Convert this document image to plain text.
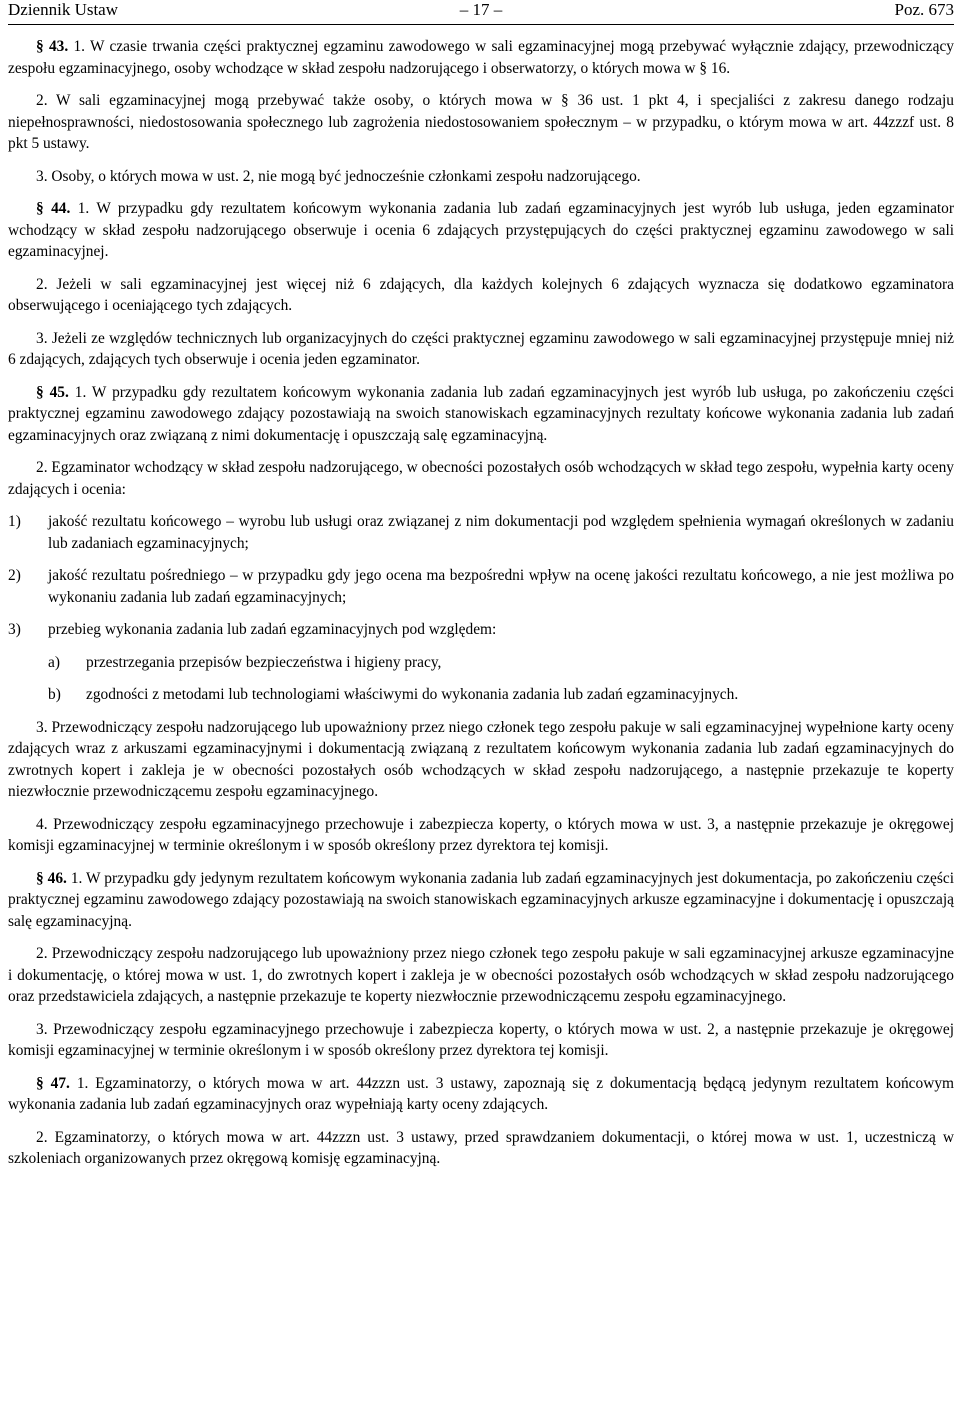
Dziennik Ustaw	– 17 –	Poz. 673

§ 43. 1. W czasie trwania części praktycznej egzaminu zawodowego w sali egzaminacyjnej mogą przebywać wyłącznie zdający, przewodniczący zespołu egzaminacyjnego, osoby wchodzące w skład zespołu nadzorującego i obserwatorzy, o których mowa w § 16.

2. W sali egzaminacyjnej mogą przebywać także osoby, o których mowa w § 36 ust. 1 pkt 4, i specjaliści z zakresu danego rodzaju niepełnosprawności, niedostosowania społecznego lub zagrożenia niedostosowaniem społecznym – w przypadku, o którym mowa w art. 44zzzf ust. 8 pkt 5 ustawy.

3. Osoby, o których mowa w ust. 2, nie mogą być jednocześnie członkami zespołu nadzorującego.

§ 44. 1. W przypadku gdy rezultatem końcowym wykonania zadania lub zadań egzaminacyjnych jest wyrób lub usługa, jeden egzaminator wchodzący w skład zespołu nadzorującego obserwuje i ocenia 6 zdających przystępujących do części praktycznej egzaminu zawodowego w sali egzaminacyjnej.

2. Jeżeli w sali egzaminacyjnej jest więcej niż 6 zdających, dla każdych kolejnych 6 zdających wyznacza się dodatkowo egzaminatora obserwującego i oceniającego tych zdających.

3. Jeżeli ze względów technicznych lub organizacyjnych do części praktycznej egzaminu zawodowego w sali egzaminacyjnej przystępuje mniej niż 6 zdających, zdających tych obserwuje i ocenia jeden egzaminator.

§ 45. 1. W przypadku gdy rezultatem końcowym wykonania zadania lub zadań egzaminacyjnych jest wyrób lub usługa, po zakończeniu części praktycznej egzaminu zawodowego zdający pozostawiają na swoich stanowiskach egzaminacyjnych rezultaty końcowe wykonania zadania lub zadań egzaminacyjnych oraz związaną z nimi dokumentację i opuszczają salę egzaminacyjną.

2. Egzaminator wchodzący w skład zespołu nadzorującego, w obecności pozostałych osób wchodzących w skład tego zespołu, wypełnia karty oceny zdających i ocenia:

1) jakość rezultatu końcowego – wyrobu lub usługi oraz związanej z nim dokumentacji pod względem spełnienia wymagań określonych w zadaniu lub zadaniach egzaminacyjnych;
2) jakość rezultatu pośredniego – w przypadku gdy jego ocena ma bezpośredni wpływ na ocenę jakości rezultatu końcowego, a nie jest możliwa po wykonaniu zadania lub zadań egzaminacyjnych;
3) przebieg wykonania zadania lub zadań egzaminacyjnych pod względem:
a) przestrzegania przepisów bezpieczeństwa i higieny pracy,
b) zgodności z metodami lub technologiami właściwymi do wykonania zadania lub zadań egzaminacyjnych.

3. Przewodniczący zespołu nadzorującego lub upoważniony przez niego członek tego zespołu pakuje w sali egzaminacyjnej wypełnione karty oceny zdających wraz z arkuszami egzaminacyjnymi i dokumentacją związaną z rezultatem końcowym wykonania zadania lub zadań egzaminacyjnych do zwrotnych kopert i zakleja je w obecności pozostałych osób wchodzących w skład zespołu nadzorującego, a następnie przekazuje te koperty niezwłocznie przewodniczącemu zespołu egzaminacyjnego.

4. Przewodniczący zespołu egzaminacyjnego przechowuje i zabezpiecza koperty, o których mowa w ust. 3, a następnie przekazuje je okręgowej komisji egzaminacyjnej w terminie określonym i w sposób określony przez dyrektora tej komisji.

§ 46. 1. W przypadku gdy jedynym rezultatem końcowym wykonania zadania lub zadań egzaminacyjnych jest dokumentacja, po zakończeniu części praktycznej egzaminu zawodowego zdający pozostawiają na swoich stanowiskach egzaminacyjnych arkusze egzaminacyjne i dokumentację i opuszczają salę egzaminacyjną.

2. Przewodniczący zespołu nadzorującego lub upoważniony przez niego członek tego zespołu pakuje w sali egzaminacyjnej arkusze egzaminacyjne i dokumentację, o której mowa w ust. 1, do zwrotnych kopert i zakleja je w obecności pozostałych osób wchodzących w skład zespołu nadzorującego oraz przedstawiciela zdających, a następnie przekazuje te koperty niezwłocznie przewodniczącemu zespołu egzaminacyjnego.

3. Przewodniczący zespołu egzaminacyjnego przechowuje i zabezpiecza koperty, o których mowa w ust. 2, a następnie przekazuje je okręgowej komisji egzaminacyjnej w terminie określonym i w sposób określony przez dyrektora tej komisji.

§ 47. 1. Egzaminatorzy, o których mowa w art. 44zzzn ust. 3 ustawy, zapoznają się z dokumentacją będącą jedynym rezultatem końcowym wykonania zadania lub zadań egzaminacyjnych oraz wypełniają karty oceny zdających.

2. Egzaminatorzy, o których mowa w art. 44zzzn ust. 3 ustawy, przed sprawdzaniem dokumentacji, o której mowa w ust. 1, uczestniczą w szkoleniach organizowanych przez okręgową komisję egzaminacyjną.
